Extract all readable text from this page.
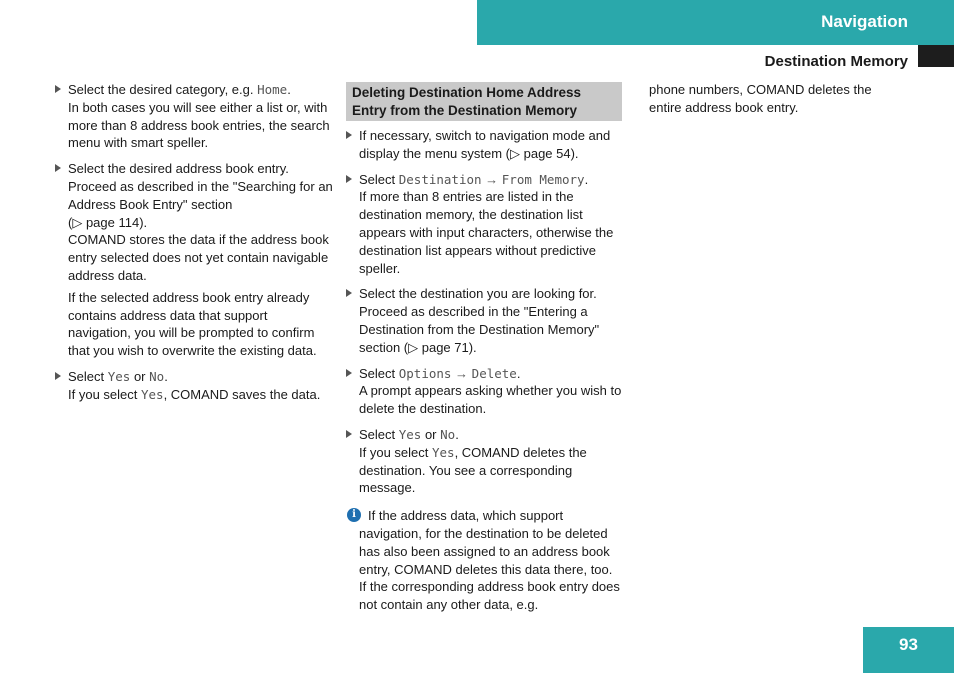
Navigation
Destination Memory

Select the desired category, e.g. Home.

In both cases you will see either a list or, with more than 8 address book entries, the search menu with smart speller.

Select the desired address book entry.

Proceed as described in the "Searching for an Address Book Entry" section

(▷ page 114).

COMAND stores the data if the address book entry selected does not yet contain navigable address data.

If the selected address book entry already contains address data that support navigation, you will be prompted to confirm that you wish to overwrite the existing data.

Select Yes or No.

If you select Yes, COMAND saves the data.

Deleting Destination Home Address Entry from the Destination Memory

If necessary, switch to navigation mode and display the menu system (▷ page 54).

Select Destination → From Memory.

If more than 8 entries are listed in the destination memory, the destination list appears with input characters, otherwise the destination list appears without predictive speller.

Select the destination you are looking for. Proceed as described in the "Entering a Destination from the Destination Memory" section (▷ page 71).

Select Options → Delete.

A prompt appears asking whether you wish to delete the destination.

Select Yes or No.

If you select Yes, COMAND deletes the destination. You see a corresponding message.

i If the address data, which support navigation, for the destination to be deleted has also been assigned to an address book entry, COMAND deletes this data there, too. If the corresponding address book entry does not contain any other data, e.g.

phone numbers, COMAND deletes the entire address book entry.

93
